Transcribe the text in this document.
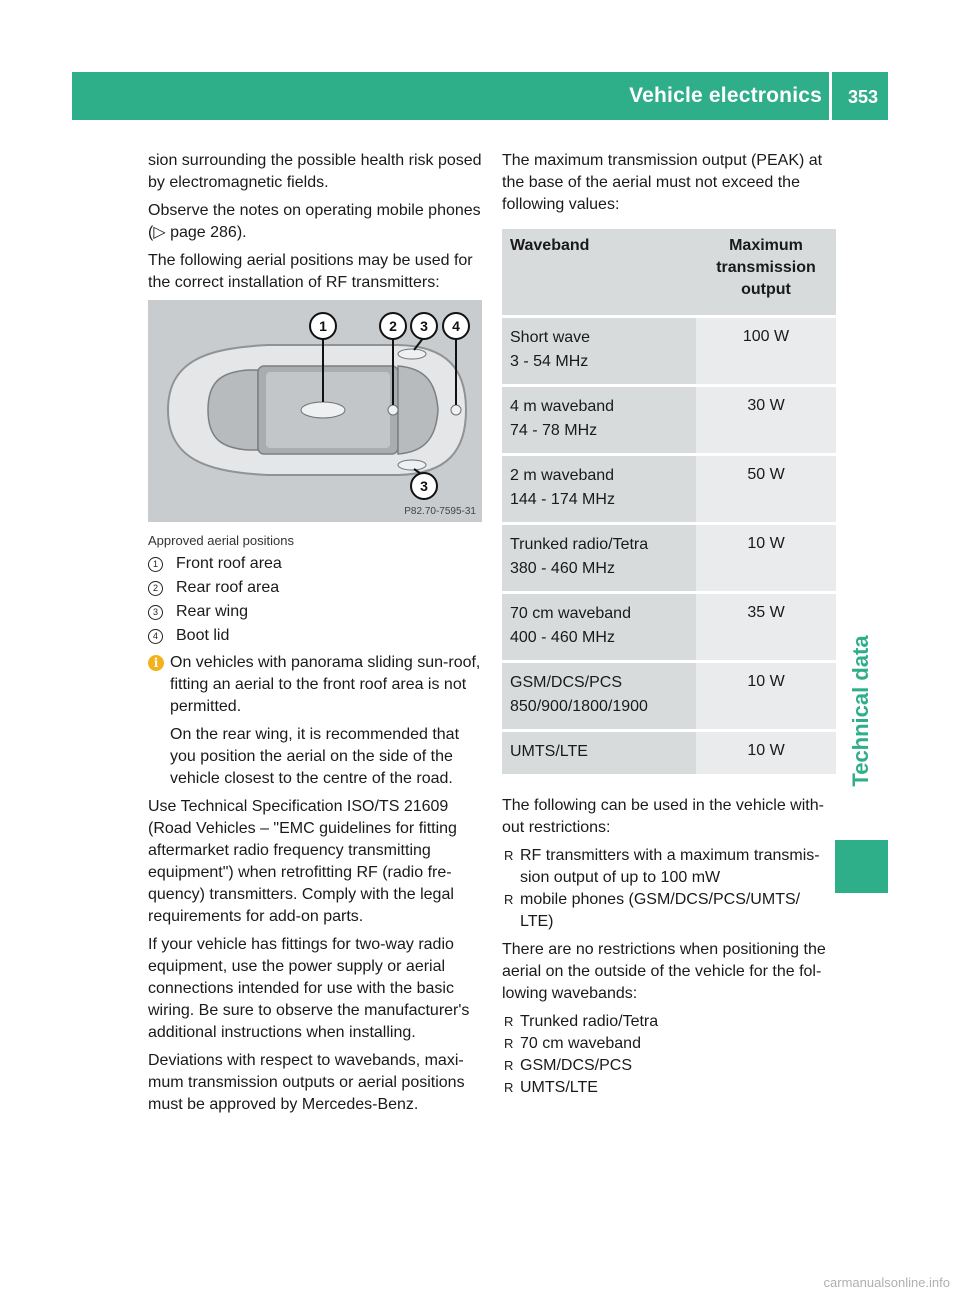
Vehicle electronics 353
Technical data

sion surrounding the possible health risk posed by electromagnetic fields.

Observe the notes on operating mobile phones (▷ page 286).

The following aerial positions may be used for the correct installation of RF transmitters:

1	2	3	4
3
P82.70-7595-31
Approved aerial positions
1	Front roof area
2	Rear roof area
3	Rear wing
4	Boot lid
i On vehicles with panorama sliding sun-roof, fitting an aerial to the front roof area is not permitted.

On the rear wing, it is recommended that you position the aerial on the side of the vehicle closest to the centre of the road.

Use Technical Specification ISO/TS 21609 (Road Vehicles – "EMC guidelines for fitting aftermarket radio frequency transmitting equipment") when retrofitting RF (radio fre-quency) transmitters. Comply with the legal requirements for add-on parts.

If your vehicle has fittings for two-way radio equipment, use the power supply or aerial connections intended for use with the basic wiring. Be sure to observe the manufacturer's additional instructions when installing.

Deviations with respect to wavebands, maxi-mum transmission outputs or aerial positions must be approved by Mercedes-Benz.

The maximum transmission output (PEAK) at the base of the aerial must not exceed the following values:

Waveband	Maximum transmission output

Short wave
3 - 54 MHz	100 W

4 m waveband
74 - 78 MHz	30 W

2 m waveband
144 - 174 MHz	50 W

Trunked radio/Tetra
380 - 460 MHz	10 W

70 cm waveband
400 - 460 MHz	35 W

GSM/DCS/PCS
850/900/1800/1900	10 W

UMTS/LTE	10 W

The following can be used in the vehicle with-out restrictions:

R RF transmitters with a maximum transmis-sion output of up to 100 mW
R mobile phones (GSM/DCS/PCS/UMTS/ LTE)

There are no restrictions when positioning the aerial on the outside of the vehicle for the fol-lowing wavebands:

R Trunked radio/Tetra
R 70 cm waveband
R GSM/DCS/PCS
R UMTS/LTE
carmanualsonline.info
